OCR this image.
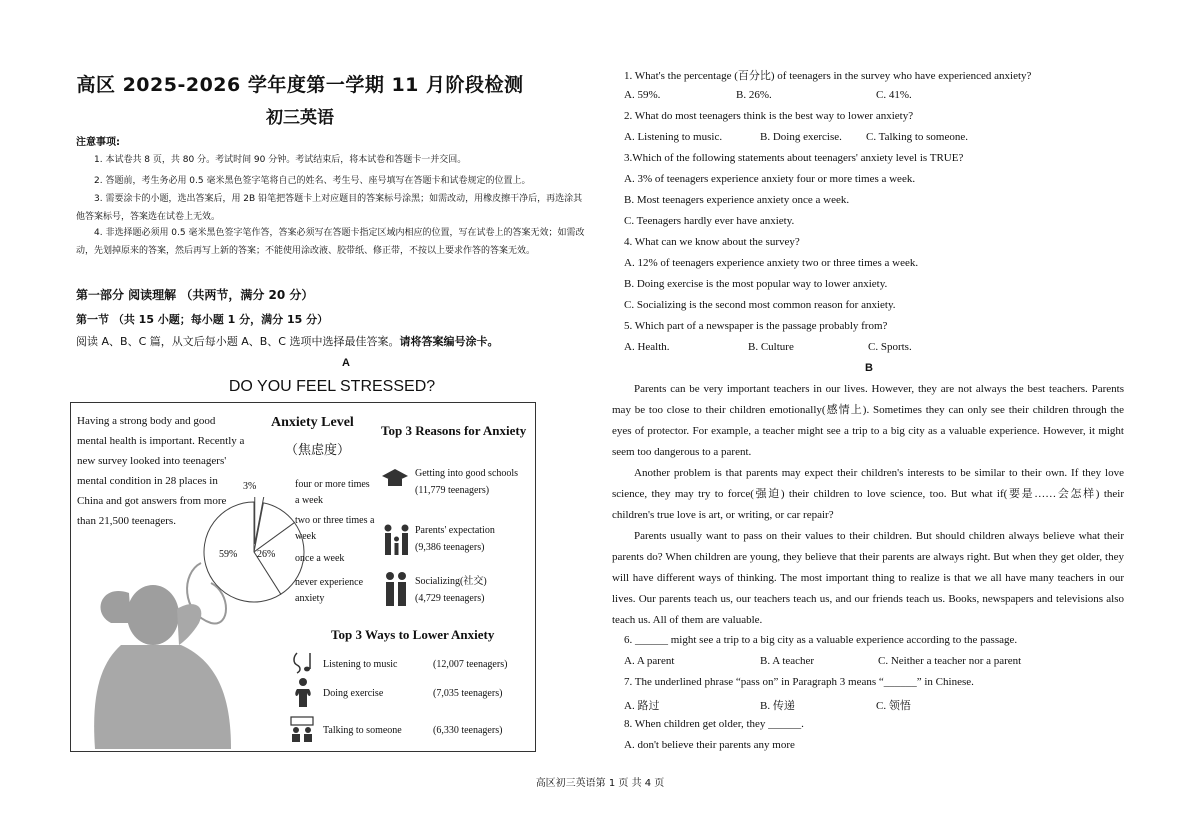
高区 2025-2026 学年度第一学期 11 月阶段检测
初三英语
注意事项:
1. 本试卷共 8 页，共 80 分。考试时间 90 分钟。考试结束后，将本试卷和答题卡一并交回。
2. 答题前，考生务必用 0.5 毫米黑色签字笔将自己的姓名、考生号、座号填写在答题卡和试卷规定的位置上。
3. 需要涂卡的小题，选出答案后，用 2B 铅笔把答题卡上对应题目的答案标号涂黑；如需改动，用橡皮擦干净后，再选涂其他答案标号，答案选在试卷上无效。
4. 非选择题必须用 0.5 毫米黑色签字笔作答，答案必须写在答题卡指定区域内相应的位置，写在试卷上的答案无效；如需改动，先划掉原来的答案，然后再写上新的答案；不能使用涂改液、胶带纸、修正带，不按以上要求作答的答案无效。
第一部分 阅读理解 （共两节，满分 20 分）
第一节 （共 15 小题；每小题 1 分，满分 15 分）
阅读 A、B、C 篇，从文后每小题 A、B、C 选项中选择最佳答案。请将答案编号涂卡。
A
DO YOU FEEL STRESSED?
Having a strong body and good mental health is important. Recently a new survey looked into teenagers' mental condition in 28 places in China and got answers from more than 21,500 teenagers.
Anxiety Level
（焦虑度）
3%
59% 26%
four or more times a week
two or three times a week
once a week
never experience anxiety
Top 3 Reasons for Anxiety
Getting into good schools
(11,779 teenagers)
Parents' expectation
(9,386 teenagers)
Socializing(社交)
(4,729 teenagers)
Top 3 Ways to Lower Anxiety
Listening to music	(12,007 teenagers)
Doing exercise	(7,035 teenagers)
Talking to someone	(6,330 teenagers)
1. What's the percentage (百分比) of teenagers in the survey who have experienced anxiety?
A. 59%.	B. 26%.	C. 41%.
2. What do most teenagers think is the best way to lower anxiety?
A. Listening to music.	B. Doing exercise. C. Talking to someone.
3.Which of the following statements about teenagers' anxiety level is TRUE?
A. 3% of teenagers experience anxiety four or more times a week.
B. Most teenagers experience anxiety once a week.
C. Teenagers hardly ever have anxiety.
4. What can we know about the survey?
A. 12% of teenagers experience anxiety two or three times a week.
B. Doing exercise is the most popular way to lower anxiety.
C. Socializing is the second most common reason for anxiety.
5. Which part of a newspaper is the passage probably from?
A. Health.	B. Culture	C. Sports.
B
Parents can be very important teachers in our lives. However, they are not always the best teachers. Parents may be too close to their children emotionally(感情上). Sometimes they can only see their children through the eyes of protector. For example, a teacher might see a trip to a big city as a valuable experience. However, it might seem too dangerous to a parent.
Another problem is that parents may expect their children's interests to be similar to their own. If they love science, they may try to force(强迫) their children to love science, too. But what if(要是……会怎样) their children's true love is art, or writing, or car repair?
Parents usually want to pass on their values to their children. But should children always believe what their parents do? When children are young, they believe that their parents are always right. But when they get older, they will have different ways of thinking. The most important thing to realize is that we all have many teachers in our lives. Our parents teach us, our teachers teach us, and our friends teach us. Books, newspapers and televisions also teach us. All of them are valuable.
6. ______ might see a trip to a big city as a valuable experience according to the passage.
A. A parent	B. A teacher	C. Neither a teacher nor a parent
7. The underlined phrase “pass on” in Paragraph 3 means “______” in Chinese.
A. 路过	B. 传递	C. 领悟
8. When children get older, they ______.
A. don't believe their parents any more
高区初三英语第 1 页 共 4 页
